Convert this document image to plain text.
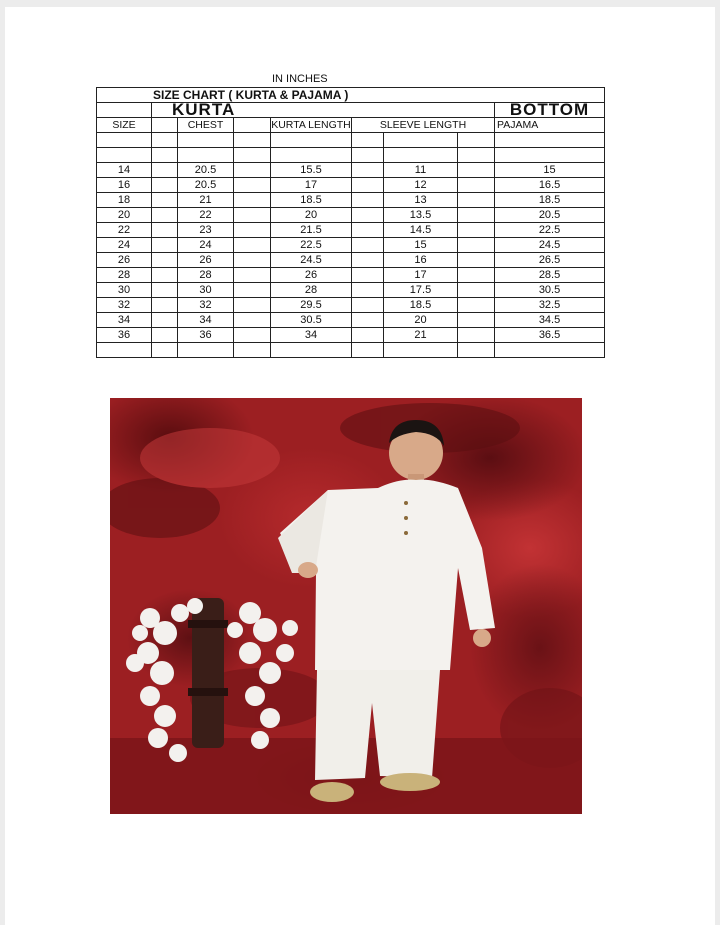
IN INCHES
SIZE CHART ( KURTA & PAJAMA )								
	KURTA							BOTTOM
SIZE		CHEST		KURTA LENGTH	SLEEVE LENGTH			PAJAMA

14		20.5		15.5		11		15
16		20.5		17		12		16.5
18		21		18.5		13		18.5
20		22		20		13.5		20.5
22		23		21.5		14.5		22.5
24		24		22.5		15		24.5
26		26		24.5		16		26.5
28		28		26		17		28.5
30		30		28		17.5		30.5
32		32		29.5		18.5		32.5
34		34		30.5		20		34.5
36		36		34		21		36.5
